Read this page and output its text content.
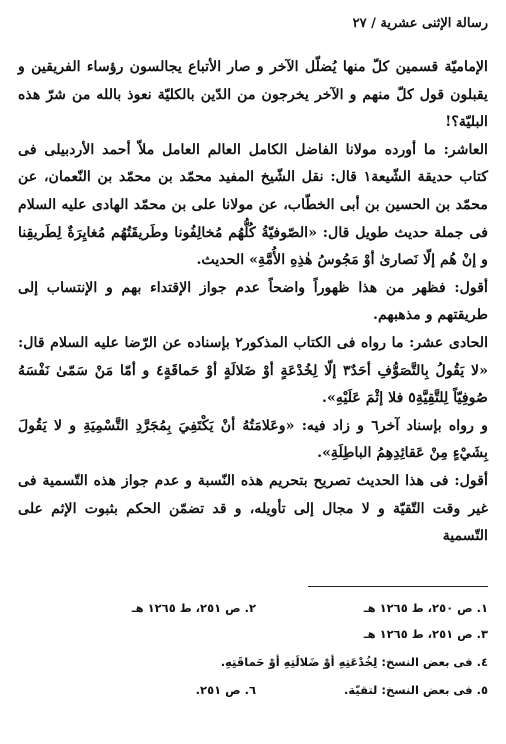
رسالة الإثنى عشرية / ٢٧

الإماميّة قسمين كلّ منها يُضلّل الآخر و صار الأتباع يجالسون رؤساء الفريقين و يقبلون قول كلّ منهم و الآخر يخرجون من الدّين بالكليّة نعوذ بالله من شرّ هذه البليّة؟!

العاشر: ما أورده مولانا الفاضل الكامل العالم العامل ملاّ أحمد الأردبيلى فى كتاب حديقة الشّيعة١ قال: نقل الشّيخ المفيد محمّد بن محمّد بن النّعمان، عن محمّد بن الحسين بن أبى الخطّاب، عن مولانا على بن محمّد الهادى عليه السلام فى جملة حديث طويل قال: «الصّوفيّةُ كُلُّهُم مُخالِفُونا وطَريقَتُهُم مُغايِرَةٌ لِطَريقِنا و إنْ هُم إلّا نَصارىٰ أوْ مَجُوسُ هٰذِهِ الأُمَّةِ» الحديث.

أقول: فظهر من هذا ظهوراً واضحاً عدم جواز الإقتداء بهم و الإنتساب إلى طريقتهم و مذهبهم.

الحادى عشر: ما رواه فى الكتاب المذكور٢ بإسناده عن الرّضا عليه السلام قال: «لا يَقُولُ بِالتَّصَوُّفِ أحَدٌ٣ إلّا لِخُدْعَةٍ أوْ ضَلالَةٍ أوْ حَماقَةٍ٤ و أمّا مَنْ سَمّىٰ نَفْسَهُ صُوفِيّاً لِلتَّقِيَّةِ٥ فلا إثْمَ عَلَيْهِ».

و رواه بإسناد آخر٦ و زاد فيه: «وعَلامَتُهُ أنْ يَكْتَفِيَ بِمُجَرَّدِ التَّسْمِيَةِ و لا يَقُولَ بِشَيْءٍ مِنْ عَقائِدِهِمُ الباطِلَةِ».

أقول: فى هذا الحديث تصريح بتحريم هذه النّسبة و عدم جواز هذه التّسمية فى غير وقت التّقيّة و لا مجال إلى تأويله، و قد تضمّن الحكم بثبوت الإثم على التّسمية

١. ص ٢٥٠، ط ١٢٦٥ هـ
٢. ص ٢٥١، ط ١٢٦٥ هـ
٣. ص ٢٥١، ط ١٢٦٥ هـ
٤. فى بعض النسخ: لِخُدْعَتِهِ أوْ ضَلالَتِهِ أوْ حَماقَتِهِ.
٥. فى بعض النسخ: لتقيّة.
٦. ص ٢٥١.
